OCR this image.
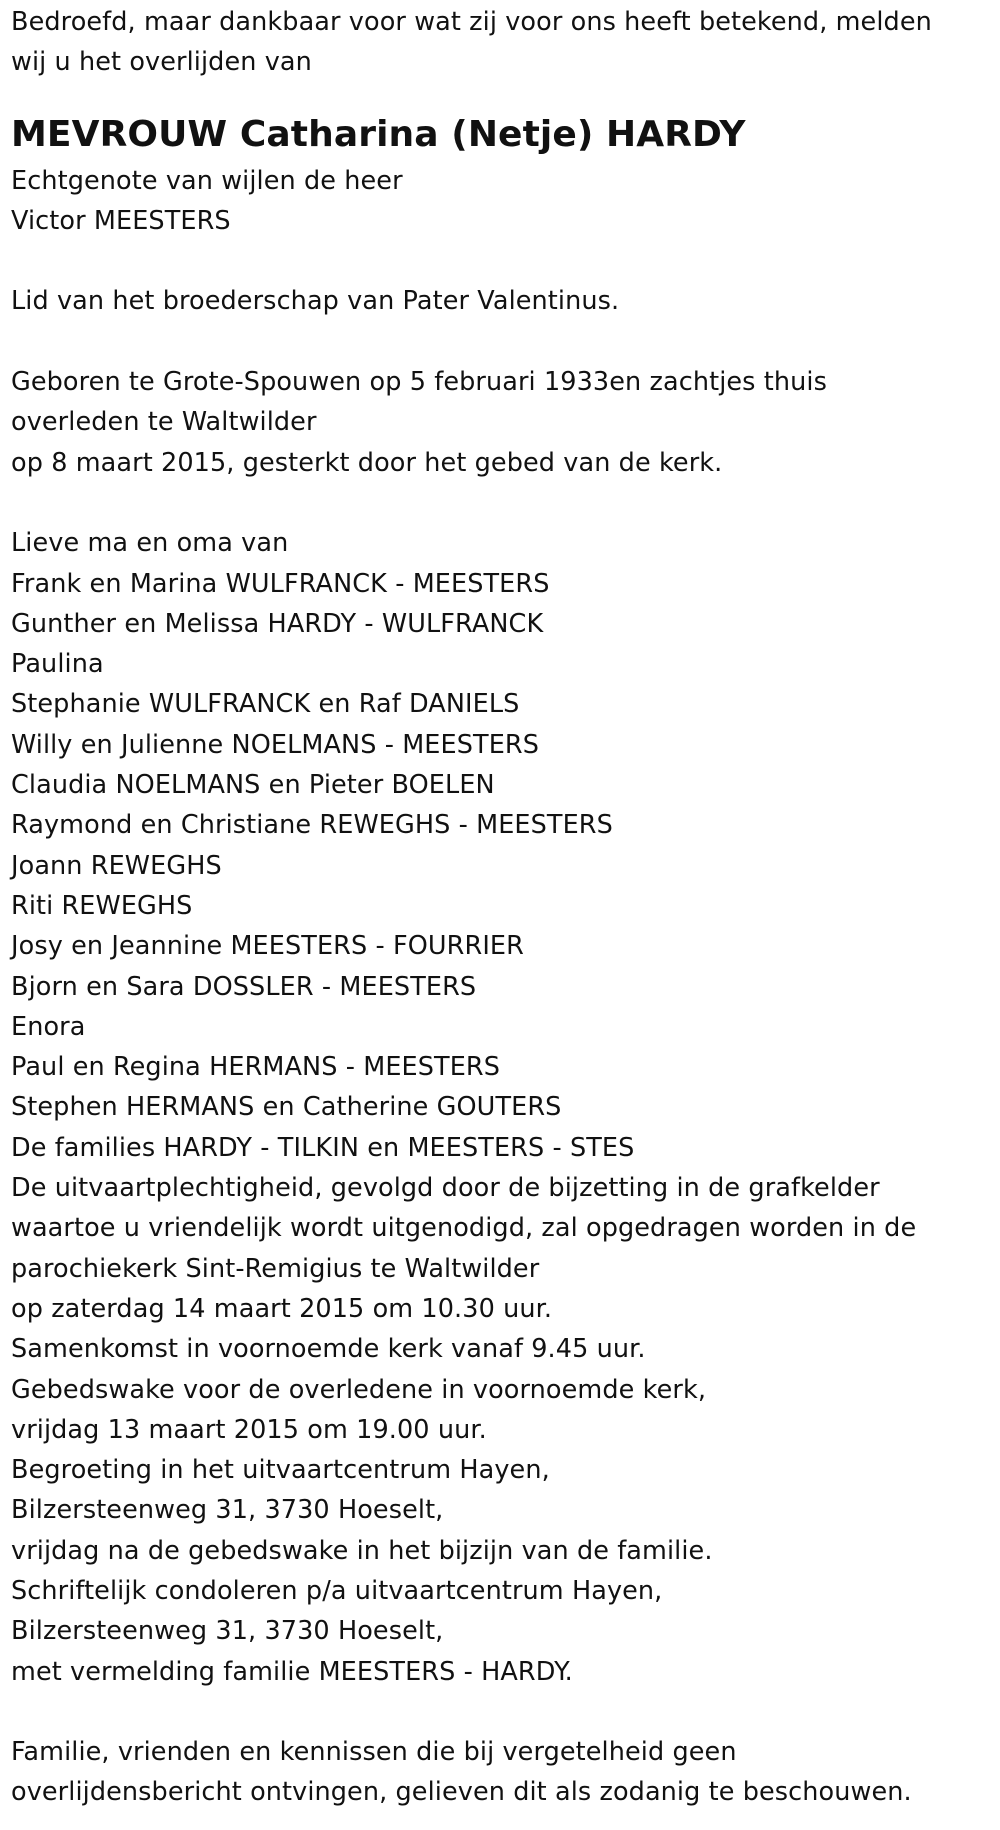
Bedroefd, maar dankbaar voor wat zij voor ons heeft betekend, melden
wij u het overlijden van
MEVROUW Catharina (Netje) HARDY
Echtgenote van wijlen de heer
Victor MEESTERS
Lid van het broederschap van Pater Valentinus.
Geboren te Grote-Spouwen op 5 februari 1933en zachtjes thuis
overleden te Waltwilder
op 8 maart 2015, gesterkt door het gebed van de kerk.
Lieve ma en oma van
Frank en Marina WULFRANCK - MEESTERS
Gunther en Melissa HARDY - WULFRANCK
Paulina
Stephanie WULFRANCK en Raf DANIELS
Willy en Julienne NOELMANS - MEESTERS
Claudia NOELMANS en Pieter BOELEN
Raymond en Christiane REWEGHS - MEESTERS
Joann REWEGHS
Riti REWEGHS
Josy en Jeannine MEESTERS - FOURRIER
Bjorn en Sara DOSSLER - MEESTERS
Enora
Paul en Regina HERMANS - MEESTERS
Stephen HERMANS en Catherine GOUTERS
De families HARDY - TILKIN en MEESTERS - STES
De uitvaartplechtigheid, gevolgd door de bijzetting in de grafkelder
waartoe u vriendelijk wordt uitgenodigd, zal opgedragen worden in de
parochiekerk Sint-Remigius te Waltwilder
op zaterdag 14 maart 2015 om 10.30 uur.
Samenkomst in voornoemde kerk vanaf 9.45 uur.
Gebedswake voor de overledene in voornoemde kerk,
vrijdag 13 maart 2015 om 19.00 uur.
Begroeting in het uitvaartcentrum Hayen,
Bilzersteenweg 31, 3730 Hoeselt,
vrijdag na de gebedswake in het bijzijn van de familie.
Schriftelijk condoleren p/a uitvaartcentrum Hayen,
Bilzersteenweg 31, 3730 Hoeselt,
met vermelding familie MEESTERS - HARDY.
Familie, vrienden en kennissen die bij vergetelheid geen
overlijdensbericht ontvingen, gelieven dit als zodanig te beschouwen.
